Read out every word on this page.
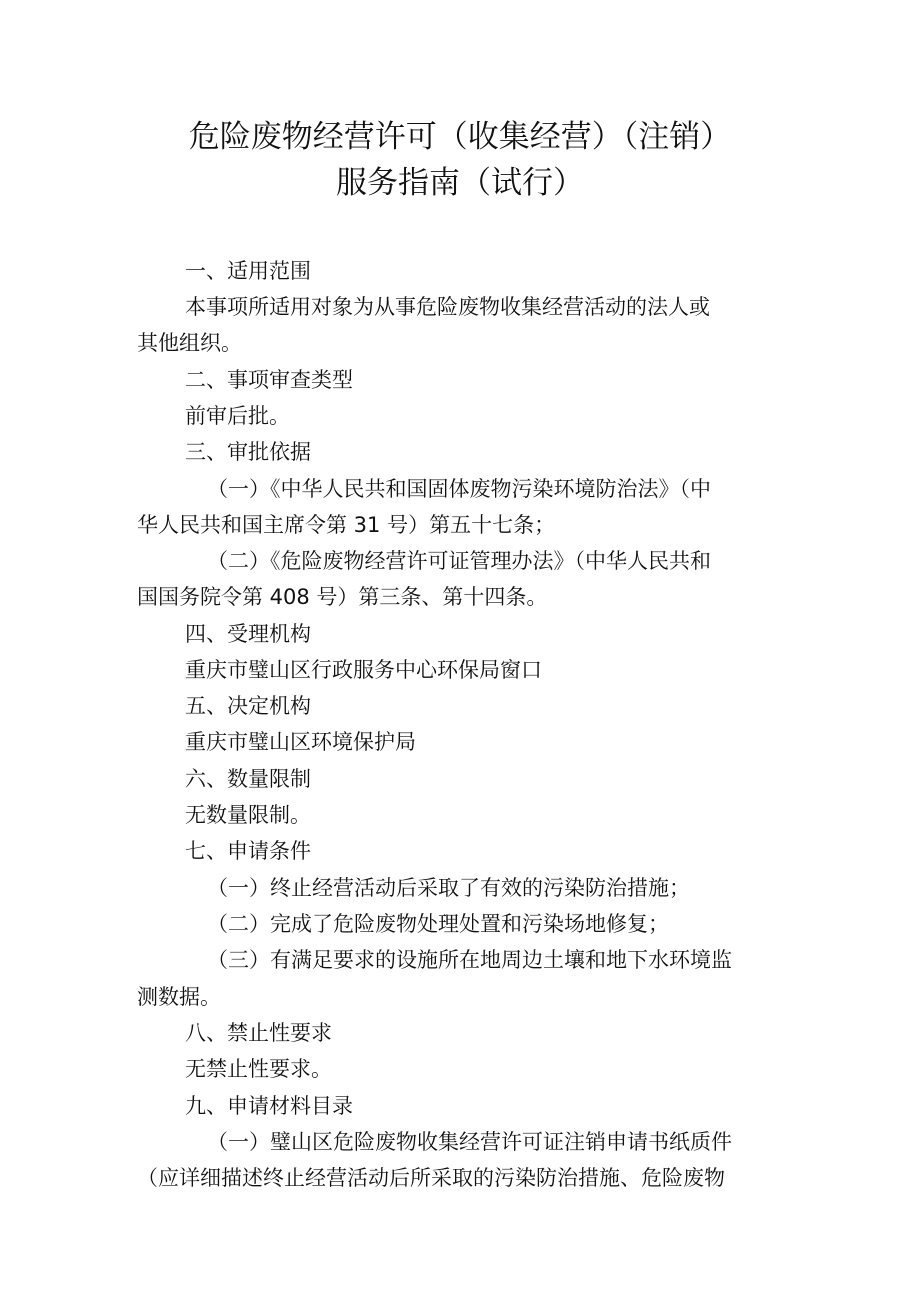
危险废物经营许可（收集经营）（注销）
服务指南（试行）
一、适用范围
本事项所适用对象为从事危险废物收集经营活动的法人或
其他组织。
二、事项审查类型
前审后批。
三、审批依据
（一）《中华人民共和国固体废物污染环境防治法》（中
华人民共和国主席令第 31 号）第五十七条；
（二）《危险废物经营许可证管理办法》（中华人民共和
国国务院令第 408 号）第三条、第十四条。
四、受理机构
重庆市璧山区行政服务中心环保局窗口
五、决定机构
重庆市璧山区环境保护局
六、数量限制
无数量限制。
七、申请条件
（一）终止经营活动后采取了有效的污染防治措施；
（二）完成了危险废物处理处置和污染场地修复；
（三）有满足要求的设施所在地周边土壤和地下水环境监
测数据。
八、禁止性要求
无禁止性要求。
九、申请材料目录
（一）璧山区危险废物收集经营许可证注销申请书纸质件
（应详细描述终止经营活动后所采取的污染防治措施、危险废物
